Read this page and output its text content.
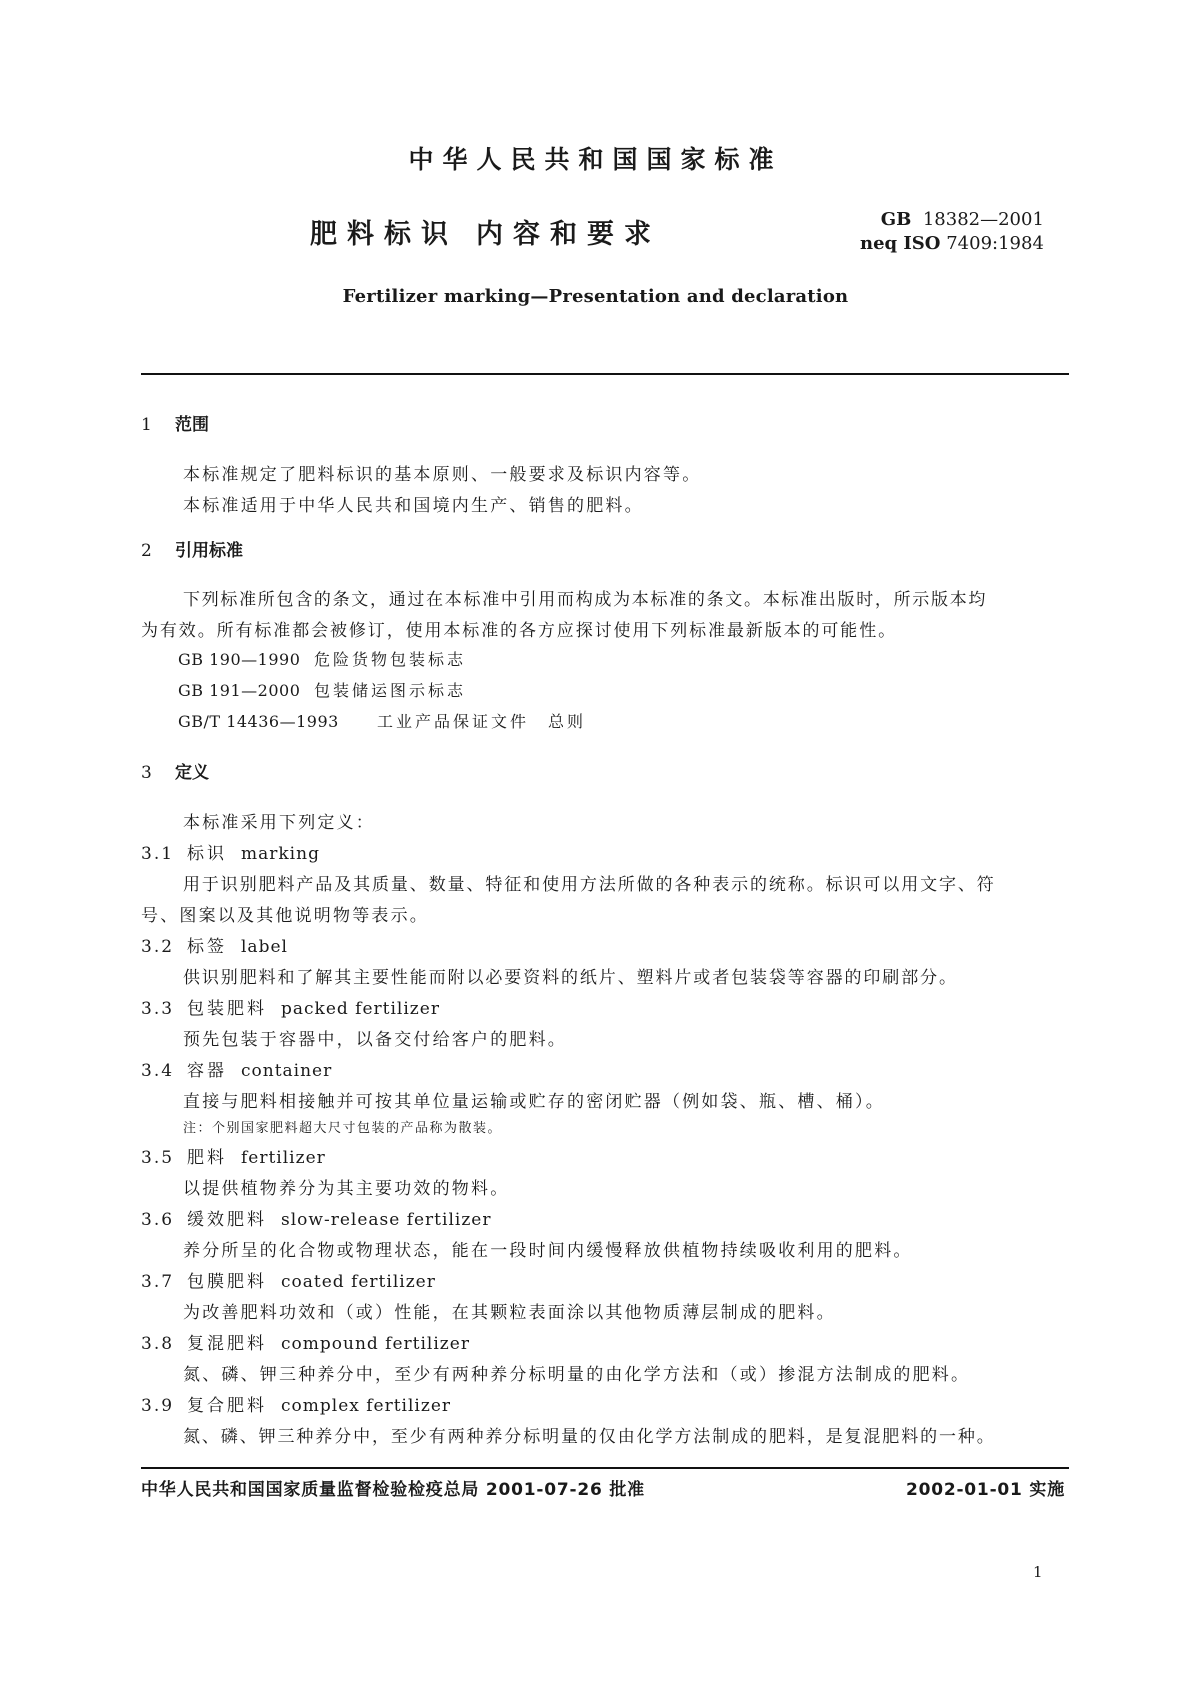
中华人民共和国国家标准
肥料标识 内容和要求	GB 18382—2001
neq ISO 7409:1984
Fertilizer marking—Presentation and declaration
1 范围
本标准规定了肥料标识的基本原则、一般要求及标识内容等。
本标准适用于中华人民共和国境内生产、销售的肥料。
2 引用标准
下列标准所包含的条文，通过在本标准中引用而构成为本标准的条文。本标准出版时，所示版本均
为有效。所有标准都会被修订，使用本标准的各方应探讨使用下列标准最新版本的可能性。
GB 190—1990 危险货物包装标志
GB 191—2000 包装储运图示标志
GB/T 14436—1993 工业产品保证文件　总则
3 定义
本标准采用下列定义：
3.1 标识 marking
用于识别肥料产品及其质量、数量、特征和使用方法所做的各种表示的统称。标识可以用文字、符
号、图案以及其他说明物等表示。
3.2 标签 label
供识别肥料和了解其主要性能而附以必要资料的纸片、塑料片或者包装袋等容器的印刷部分。
3.3 包装肥料 packed fertilizer
预先包装于容器中，以备交付给客户的肥料。
3.4 容器 container
直接与肥料相接触并可按其单位量运输或贮存的密闭贮器（例如袋、瓶、槽、桶）。
注：个别国家肥料超大尺寸包装的产品称为散装。
3.5 肥料 fertilizer
以提供植物养分为其主要功效的物料。
3.6 缓效肥料 slow-release fertilizer
养分所呈的化合物或物理状态，能在一段时间内缓慢释放供植物持续吸收利用的肥料。
3.7 包膜肥料 coated fertilizer
为改善肥料功效和（或）性能，在其颗粒表面涂以其他物质薄层制成的肥料。
3.8 复混肥料 compound fertilizer
氮、磷、钾三种养分中，至少有两种养分标明量的由化学方法和（或）掺混方法制成的肥料。
3.9 复合肥料 complex fertilizer
氮、磷、钾三种养分中，至少有两种养分标明量的仅由化学方法制成的肥料，是复混肥料的一种。
中华人民共和国国家质量监督检验检疫总局 2001-07-26 批准	2002-01-01 实施
1
